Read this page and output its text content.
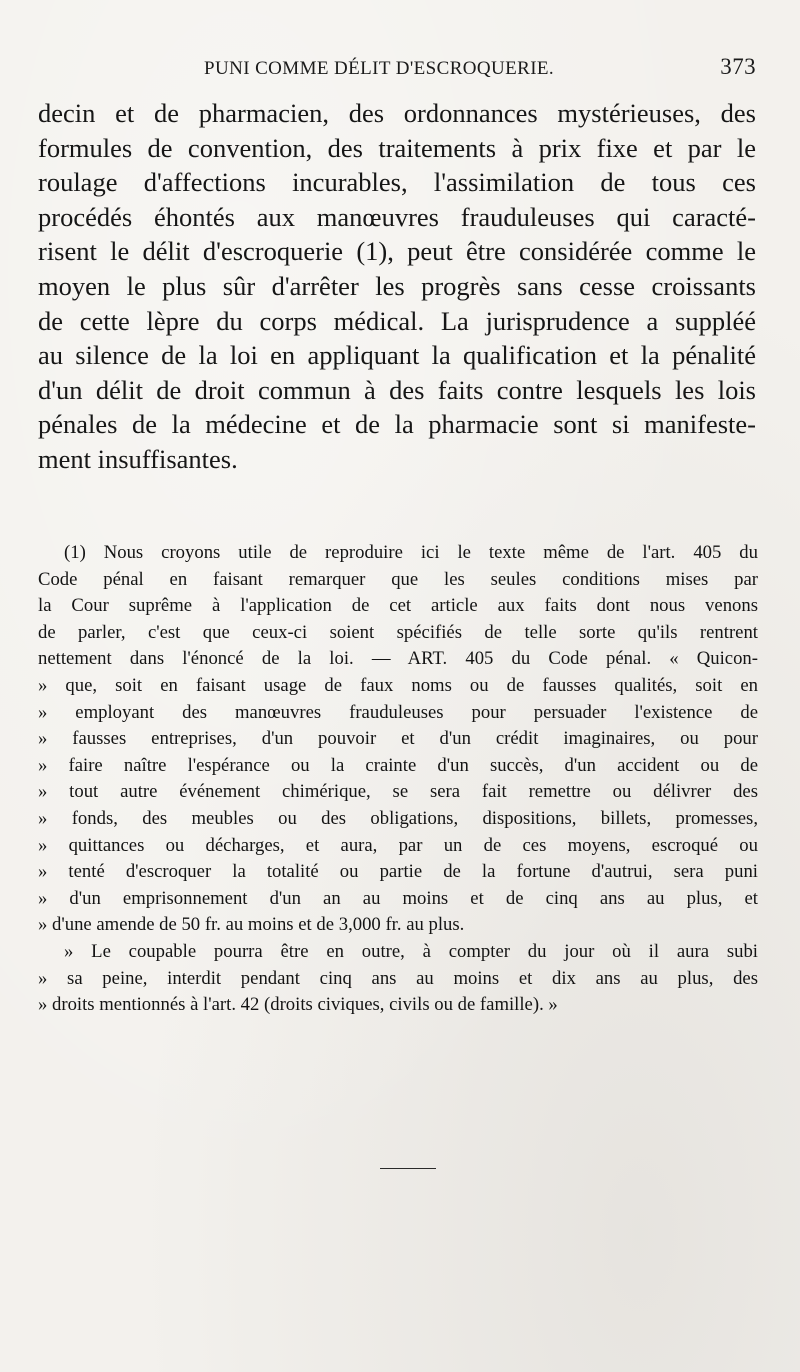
PUNI COMME DÉLIT D'ESCROQUERIE.	373
decin et de pharmacien, des ordonnances mystérieuses, des
formules de convention, des traitements à prix fixe et par le
roulage d'affections incurables, l'assimilation de tous ces
procédés éhontés aux manœuvres frauduleuses qui caracté-
risent le délit d'escroquerie (1), peut être considérée comme le
moyen le plus sûr d'arrêter les progrès sans cesse croissants
de cette lèpre du corps médical. La jurisprudence a suppléé
au silence de la loi en appliquant la qualification et la pénalité
d'un délit de droit commun à des faits contre lesquels les lois
pénales de la médecine et de la pharmacie sont si manifeste-
ment insuffisantes.
(1) Nous croyons utile de reproduire ici le texte même de l'art. 405 du
Code pénal en faisant remarquer que les seules conditions mises par
la Cour suprême à l'application de cet article aux faits dont nous venons
de parler, c'est que ceux-ci soient spécifiés de telle sorte qu'ils rentrent
nettement dans l'énoncé de la loi. — ART. 405 du Code pénal. « Quicon-
» que, soit en faisant usage de faux noms ou de fausses qualités, soit en
» employant des manœuvres frauduleuses pour persuader l'existence de
» fausses entreprises, d'un pouvoir et d'un crédit imaginaires, ou pour
» faire naître l'espérance ou la crainte d'un succès, d'un accident ou de
» tout autre événement chimérique, se sera fait remettre ou délivrer des
» fonds, des meubles ou des obligations, dispositions, billets, promesses,
» quittances ou décharges, et aura, par un de ces moyens, escroqué ou
» tenté d'escroquer la totalité ou partie de la fortune d'autrui, sera puni
» d'un emprisonnement d'un an au moins et de cinq ans au plus, et
» d'une amende de 50 fr. au moins et de 3,000 fr. au plus.
» Le coupable pourra être en outre, à compter du jour où il aura subi
» sa peine, interdit pendant cinq ans au moins et dix ans au plus, des
» droits mentionnés à l'art. 42 (droits civiques, civils ou de famille). »
